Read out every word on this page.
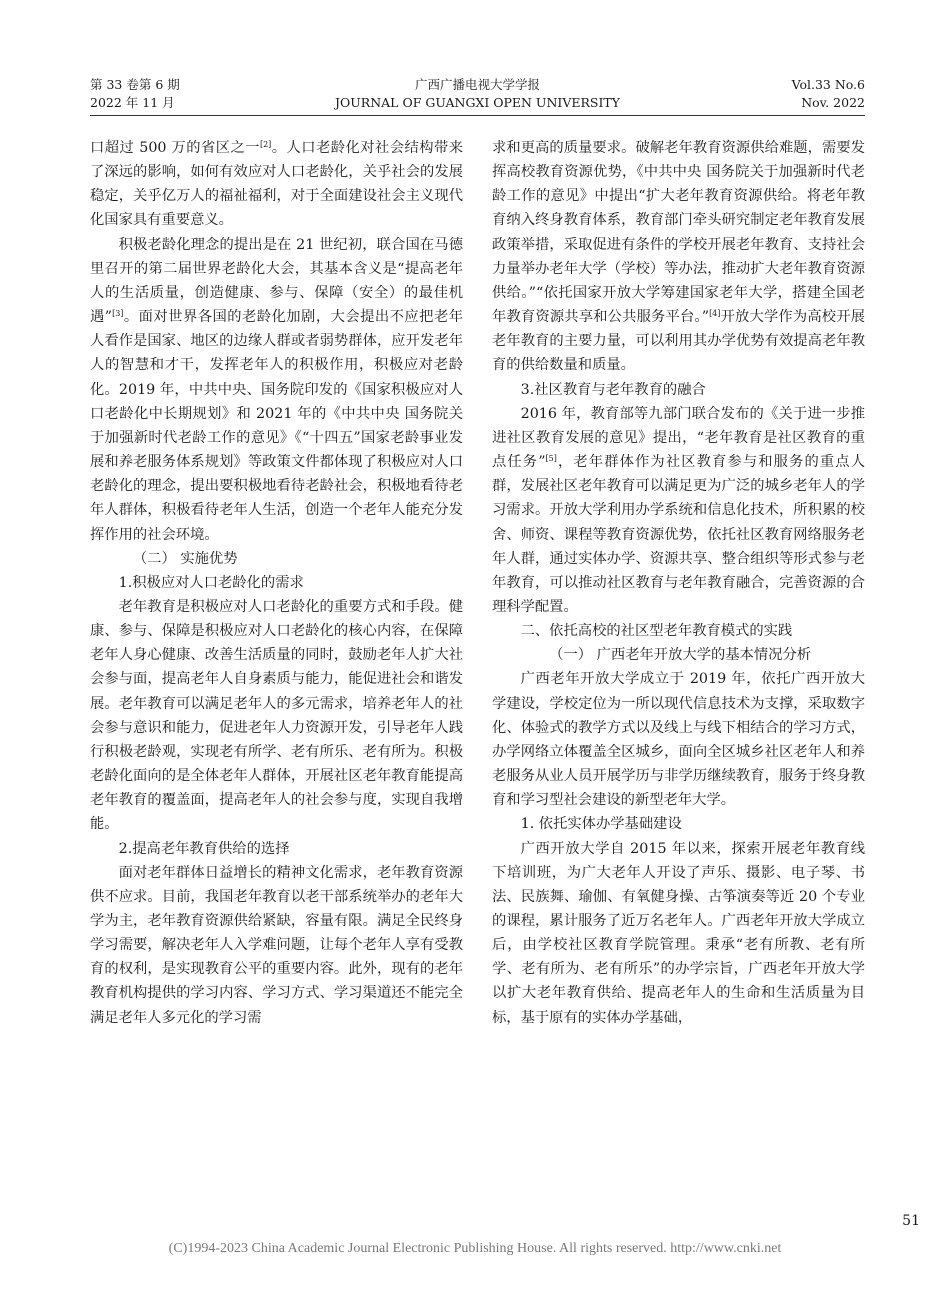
第 33 卷第 6 期
2022 年 11 月
广西广播电视大学学报
JOURNAL OF GUANGXI OPEN UNIVERSITY
Vol.33 No.6
Nov. 2022

口超过 500 万的省区之一[2]。人口老龄化对社会结构带来了深远的影响，如何有效应对人口老龄化，关乎社会的发展稳定，关乎亿万人的福祉福利，对于全面建设社会主义现代化国家具有重要意义。

积极老龄化理念的提出是在 21 世纪初，联合国在马德里召开的第二届世界老龄化大会，其基本含义是“提高老年人的生活质量，创造健康、参与、保障（安全）的最佳机遇”[3]。面对世界各国的老龄化加剧，大会提出不应把老年人看作是国家、地区的边缘人群或者弱势群体，应开发老年人的智慧和才干，发挥老年人的积极作用，积极应对老龄化。2019 年，中共中央、国务院印发的《国家积极应对人口老龄化中长期规划》和 2021 年的《中共中央 国务院关于加强新时代老龄工作的意见》《“十四五”国家老龄事业发展和养老服务体系规划》等政策文件都体现了积极应对人口老龄化的理念，提出要积极地看待老龄社会，积极地看待老年人群体，积极看待老年人生活，创造一个老年人能充分发挥作用的社会环境。

（二） 实施优势

1.积极应对人口老龄化的需求

老年教育是积极应对人口老龄化的重要方式和手段。健康、参与、保障是积极应对人口老龄化的核心内容，在保障老年人身心健康、改善生活质量的同时，鼓励老年人扩大社会参与面，提高老年人自身素质与能力，能促进社会和谐发展。老年教育可以满足老年人的多元需求，培养老年人的社会参与意识和能力，促进老年人力资源开发，引导老年人践行积极老龄观，实现老有所学、老有所乐、老有所为。积极老龄化面向的是全体老年人群体，开展社区老年教育能提高老年教育的覆盖面，提高老年人的社会参与度，实现自我增能。

2.提高老年教育供给的选择

面对老年群体日益增长的精神文化需求，老年教育资源供不应求。目前，我国老年教育以老干部系统举办的老年大学为主，老年教育资源供给紧缺，容量有限。满足全民终身学习需要，解决老年人入学难问题，让每个老年人享有受教育的权利，是实现教育公平的重要内容。此外，现有的老年教育机构提供的学习内容、学习方式、学习渠道还不能完全满足老年人多元化的学习需

求和更高的质量要求。破解老年教育资源供给难题，需要发挥高校教育资源优势，《中共中央 国务院关于加强新时代老龄工作的意见》中提出“扩大老年教育资源供给。将老年教育纳入终身教育体系，教育部门牵头研究制定老年教育发展政策举措，采取促进有条件的学校开展老年教育、支持社会力量举办老年大学（学校）等办法，推动扩大老年教育资源供给。”“依托国家开放大学筹建国家老年大学，搭建全国老年教育资源共享和公共服务平台。”[4]开放大学作为高校开展老年教育的主要力量，可以利用其办学优势有效提高老年教育的供给数量和质量。

3.社区教育与老年教育的融合

2016 年，教育部等九部门联合发布的《关于进一步推进社区教育发展的意见》提出，“老年教育是社区教育的重点任务”[5]，老年群体作为社区教育参与和服务的重点人群，发展社区老年教育可以满足更为广泛的城乡老年人的学习需求。开放大学利用办学系统和信息化技术，所积累的校舍、师资、课程等教育资源优势，依托社区教育网络服务老年人群，通过实体办学、资源共享、整合组织等形式参与老年教育，可以推动社区教育与老年教育融合，完善资源的合理科学配置。

二、依托高校的社区型老年教育模式的实践

（一） 广西老年开放大学的基本情况分析

广西老年开放大学成立于 2019 年，依托广西开放大学建设，学校定位为一所以现代信息技术为支撑，采取数字化、体验式的教学方式以及线上与线下相结合的学习方式，办学网络立体覆盖全区城乡，面向全区城乡社区老年人和养老服务从业人员开展学历与非学历继续教育，服务于终身教育和学习型社会建设的新型老年大学。

1. 依托实体办学基础建设

广西开放大学自 2015 年以来，探索开展老年教育线下培训班，为广大老年人开设了声乐、摄影、电子琴、书法、民族舞、瑜伽、有氧健身操、古筝演奏等近 20 个专业的课程，累计服务了近万名老年人。广西老年开放大学成立后，由学校社区教育学院管理。秉承“老有所教、老有所学、老有所为、老有所乐”的办学宗旨，广西老年开放大学以扩大老年教育供给、提高老年人的生命和生活质量为目标，基于原有的实体办学基础，

51
(C)1994-2023 China Academic Journal Electronic Publishing House. All rights reserved. http://www.cnki.net
